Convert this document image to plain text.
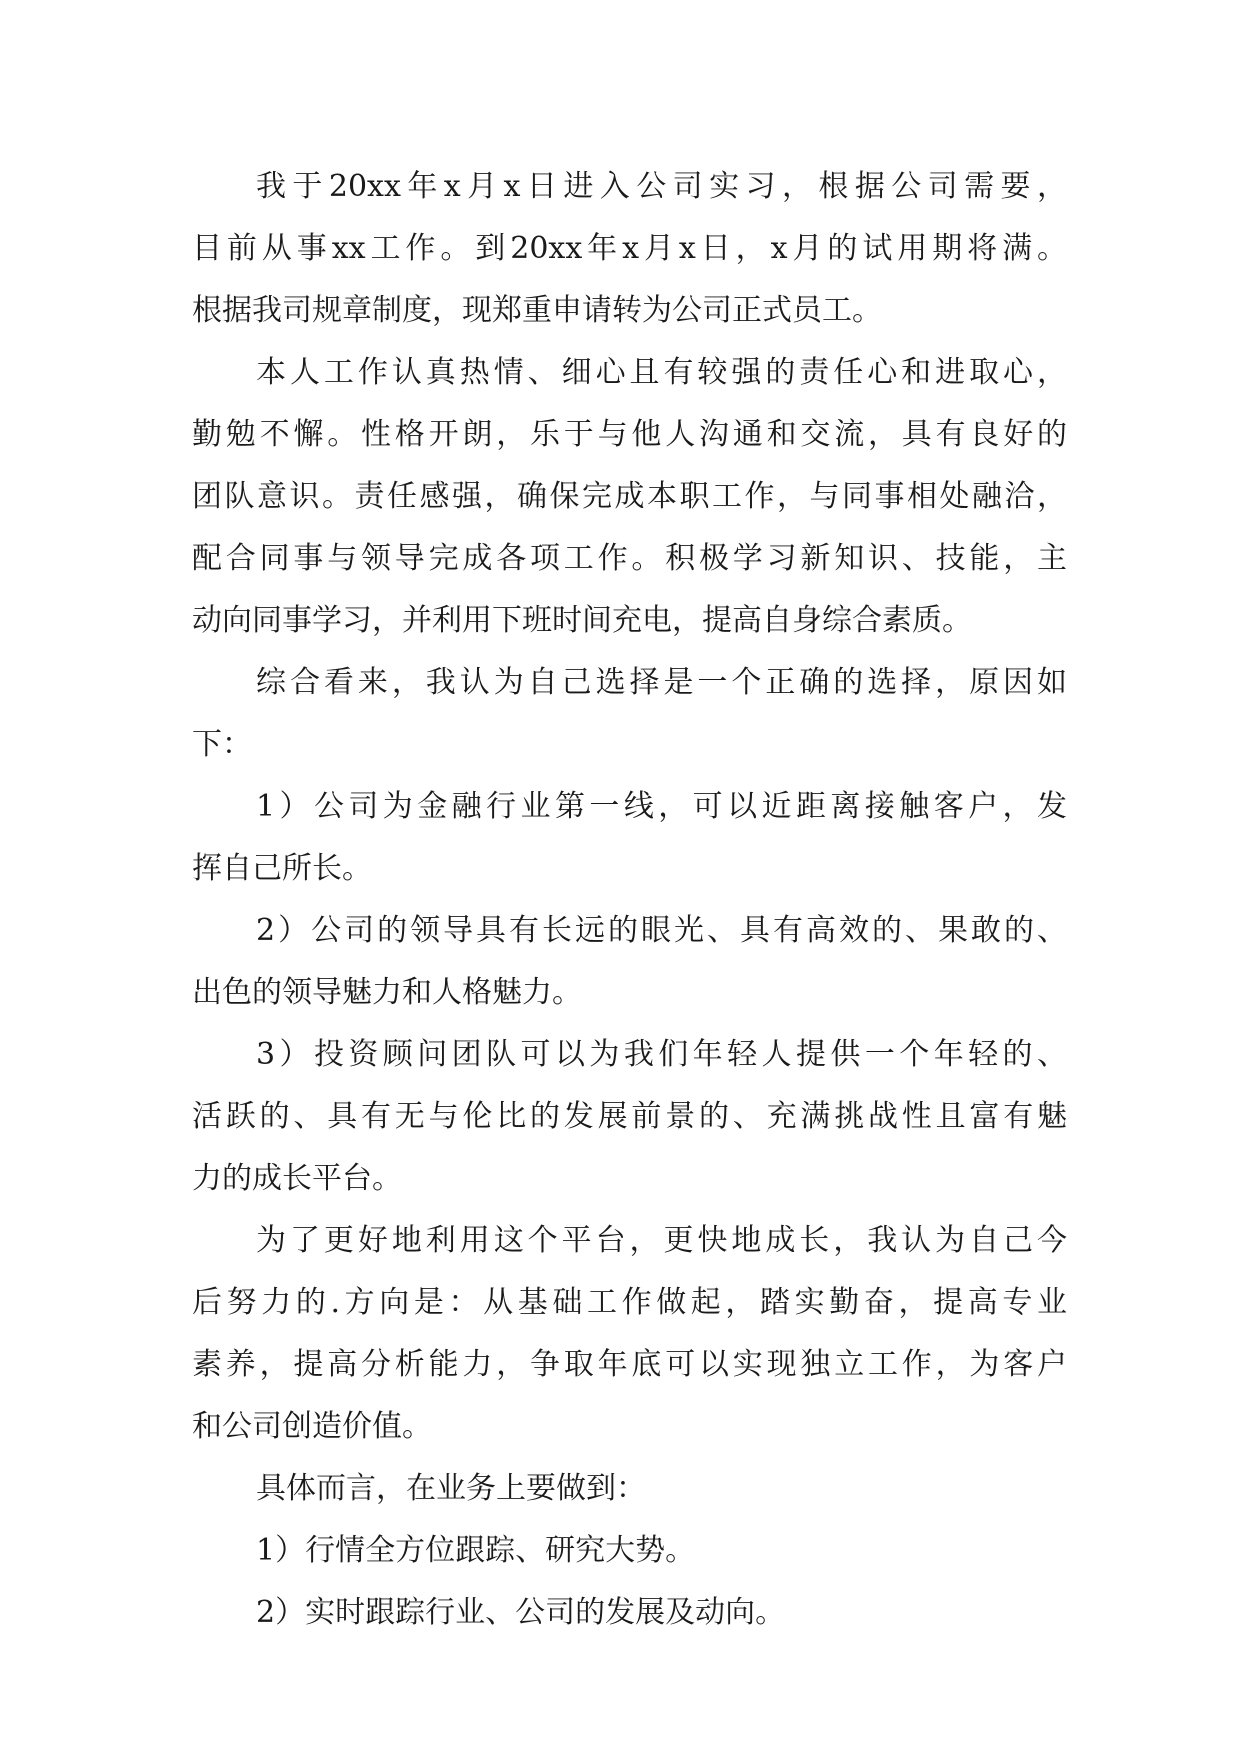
我于20xx年x月x日进入公司实习，根据公司需要，
目前从事xx工作。到20xx年x月x日，x月的试用期将满。
根据我司规章制度，现郑重申请转为公司正式员工。
本人工作认真热情、细心且有较强的责任心和进取心，
勤勉不懈。性格开朗，乐于与他人沟通和交流，具有良好的
团队意识。责任感强，确保完成本职工作，与同事相处融洽，
配合同事与领导完成各项工作。积极学习新知识、技能，主
动向同事学习，并利用下班时间充电，提高自身综合素质。
综合看来，我认为自己选择是一个正确的选择，原因如
下：
1）公司为金融行业第一线，可以近距离接触客户，发
挥自己所长。
2）公司的领导具有长远的眼光、具有高效的、果敢的、
出色的领导魅力和人格魅力。
3）投资顾问团队可以为我们年轻人提供一个年轻的、
活跃的、具有无与伦比的发展前景的、充满挑战性且富有魅
力的成长平台。
为了更好地利用这个平台，更快地成长，我认为自己今
后努力的.方向是：从基础工作做起，踏实勤奋，提高专业
素养，提高分析能力，争取年底可以实现独立工作，为客户
和公司创造价值。
具体而言，在业务上要做到：
1）行情全方位跟踪、研究大势。
2）实时跟踪行业、公司的发展及动向。
